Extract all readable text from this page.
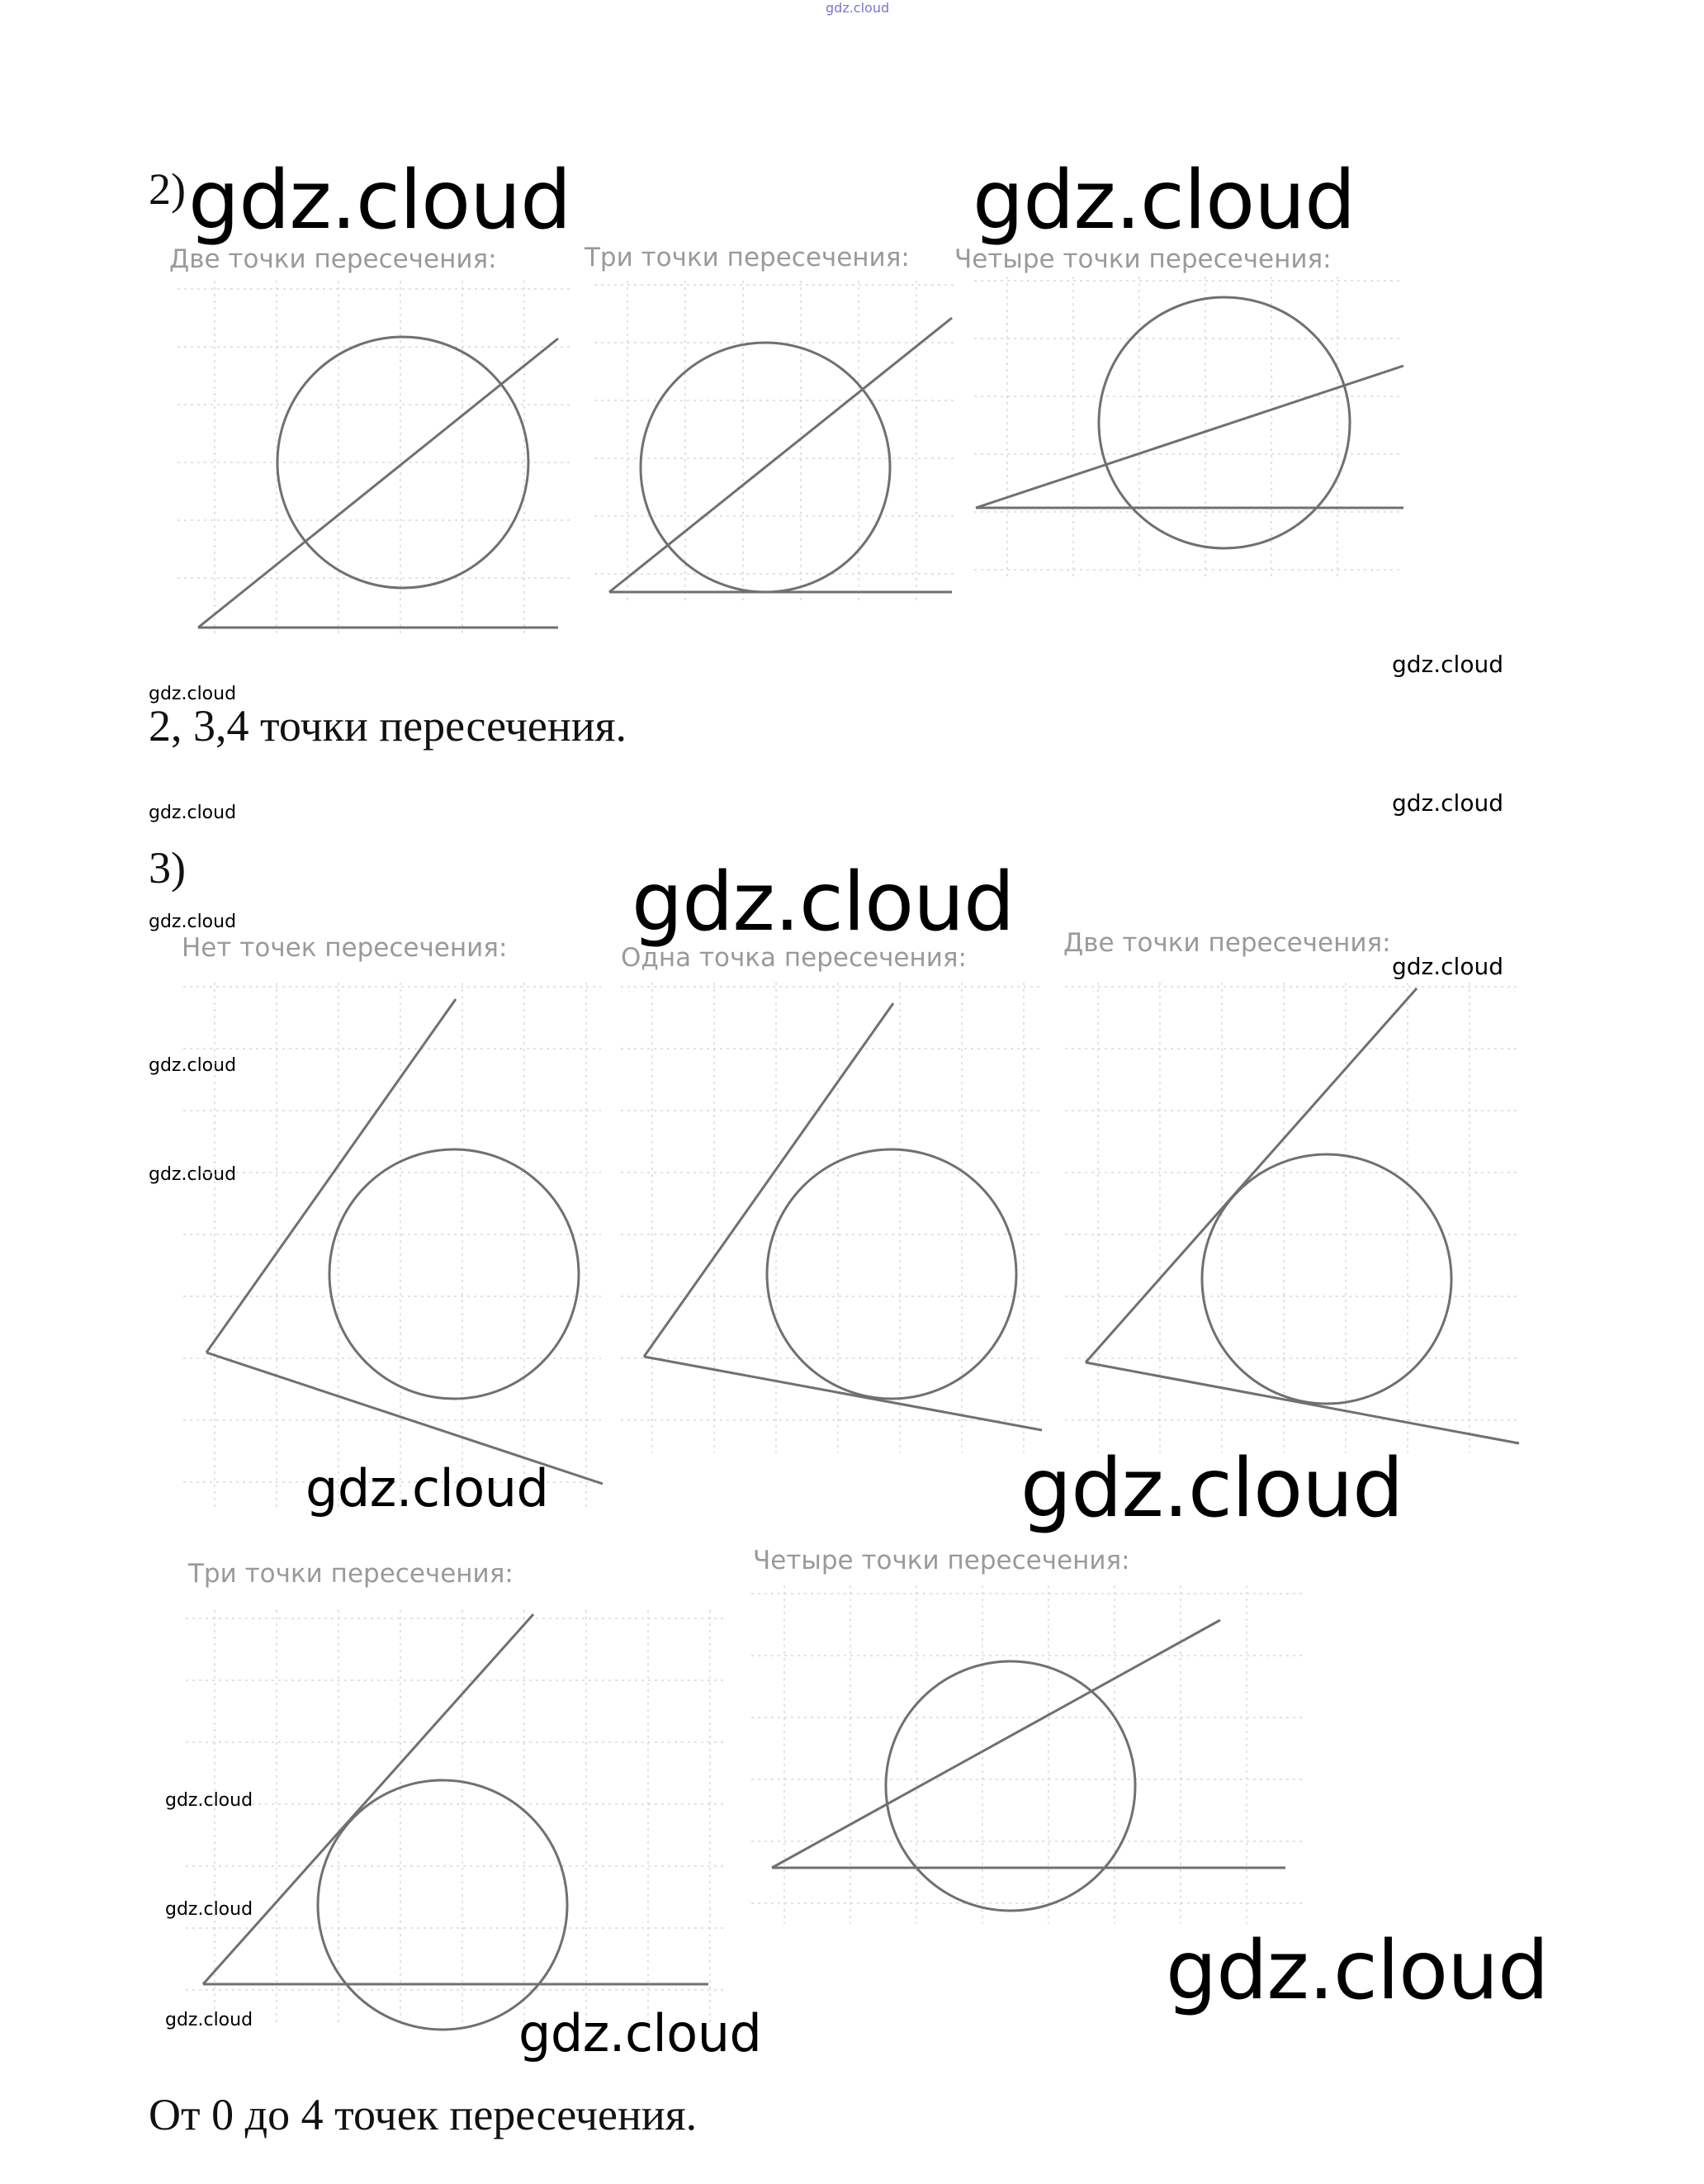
gdz.cloud
2) gdz.cloud	gdz.cloud
Две точки пересечения:	Три точки пересечения: Четыре точки пересечения:
gdz.cloud
gdz.cloud
2, 3,4 точки пересечения.
gdz.cloud	gdz.cloud
3)	gdz.cloud
gdz.cloud
Нет точек пересечения:	Одна точка пересечения:	Две точки пересечения:
gdz.cloud
gdz.cloud
gdz.cloud
gdz.cloud	gdz.cloud
Три точки пересечения:	Четыре точки пересечения:
gdz.cloud
gdz.cloud
gdz.cloud	gdz.cloud
gdz.cloud
От 0 до 4 точек пересечения.
